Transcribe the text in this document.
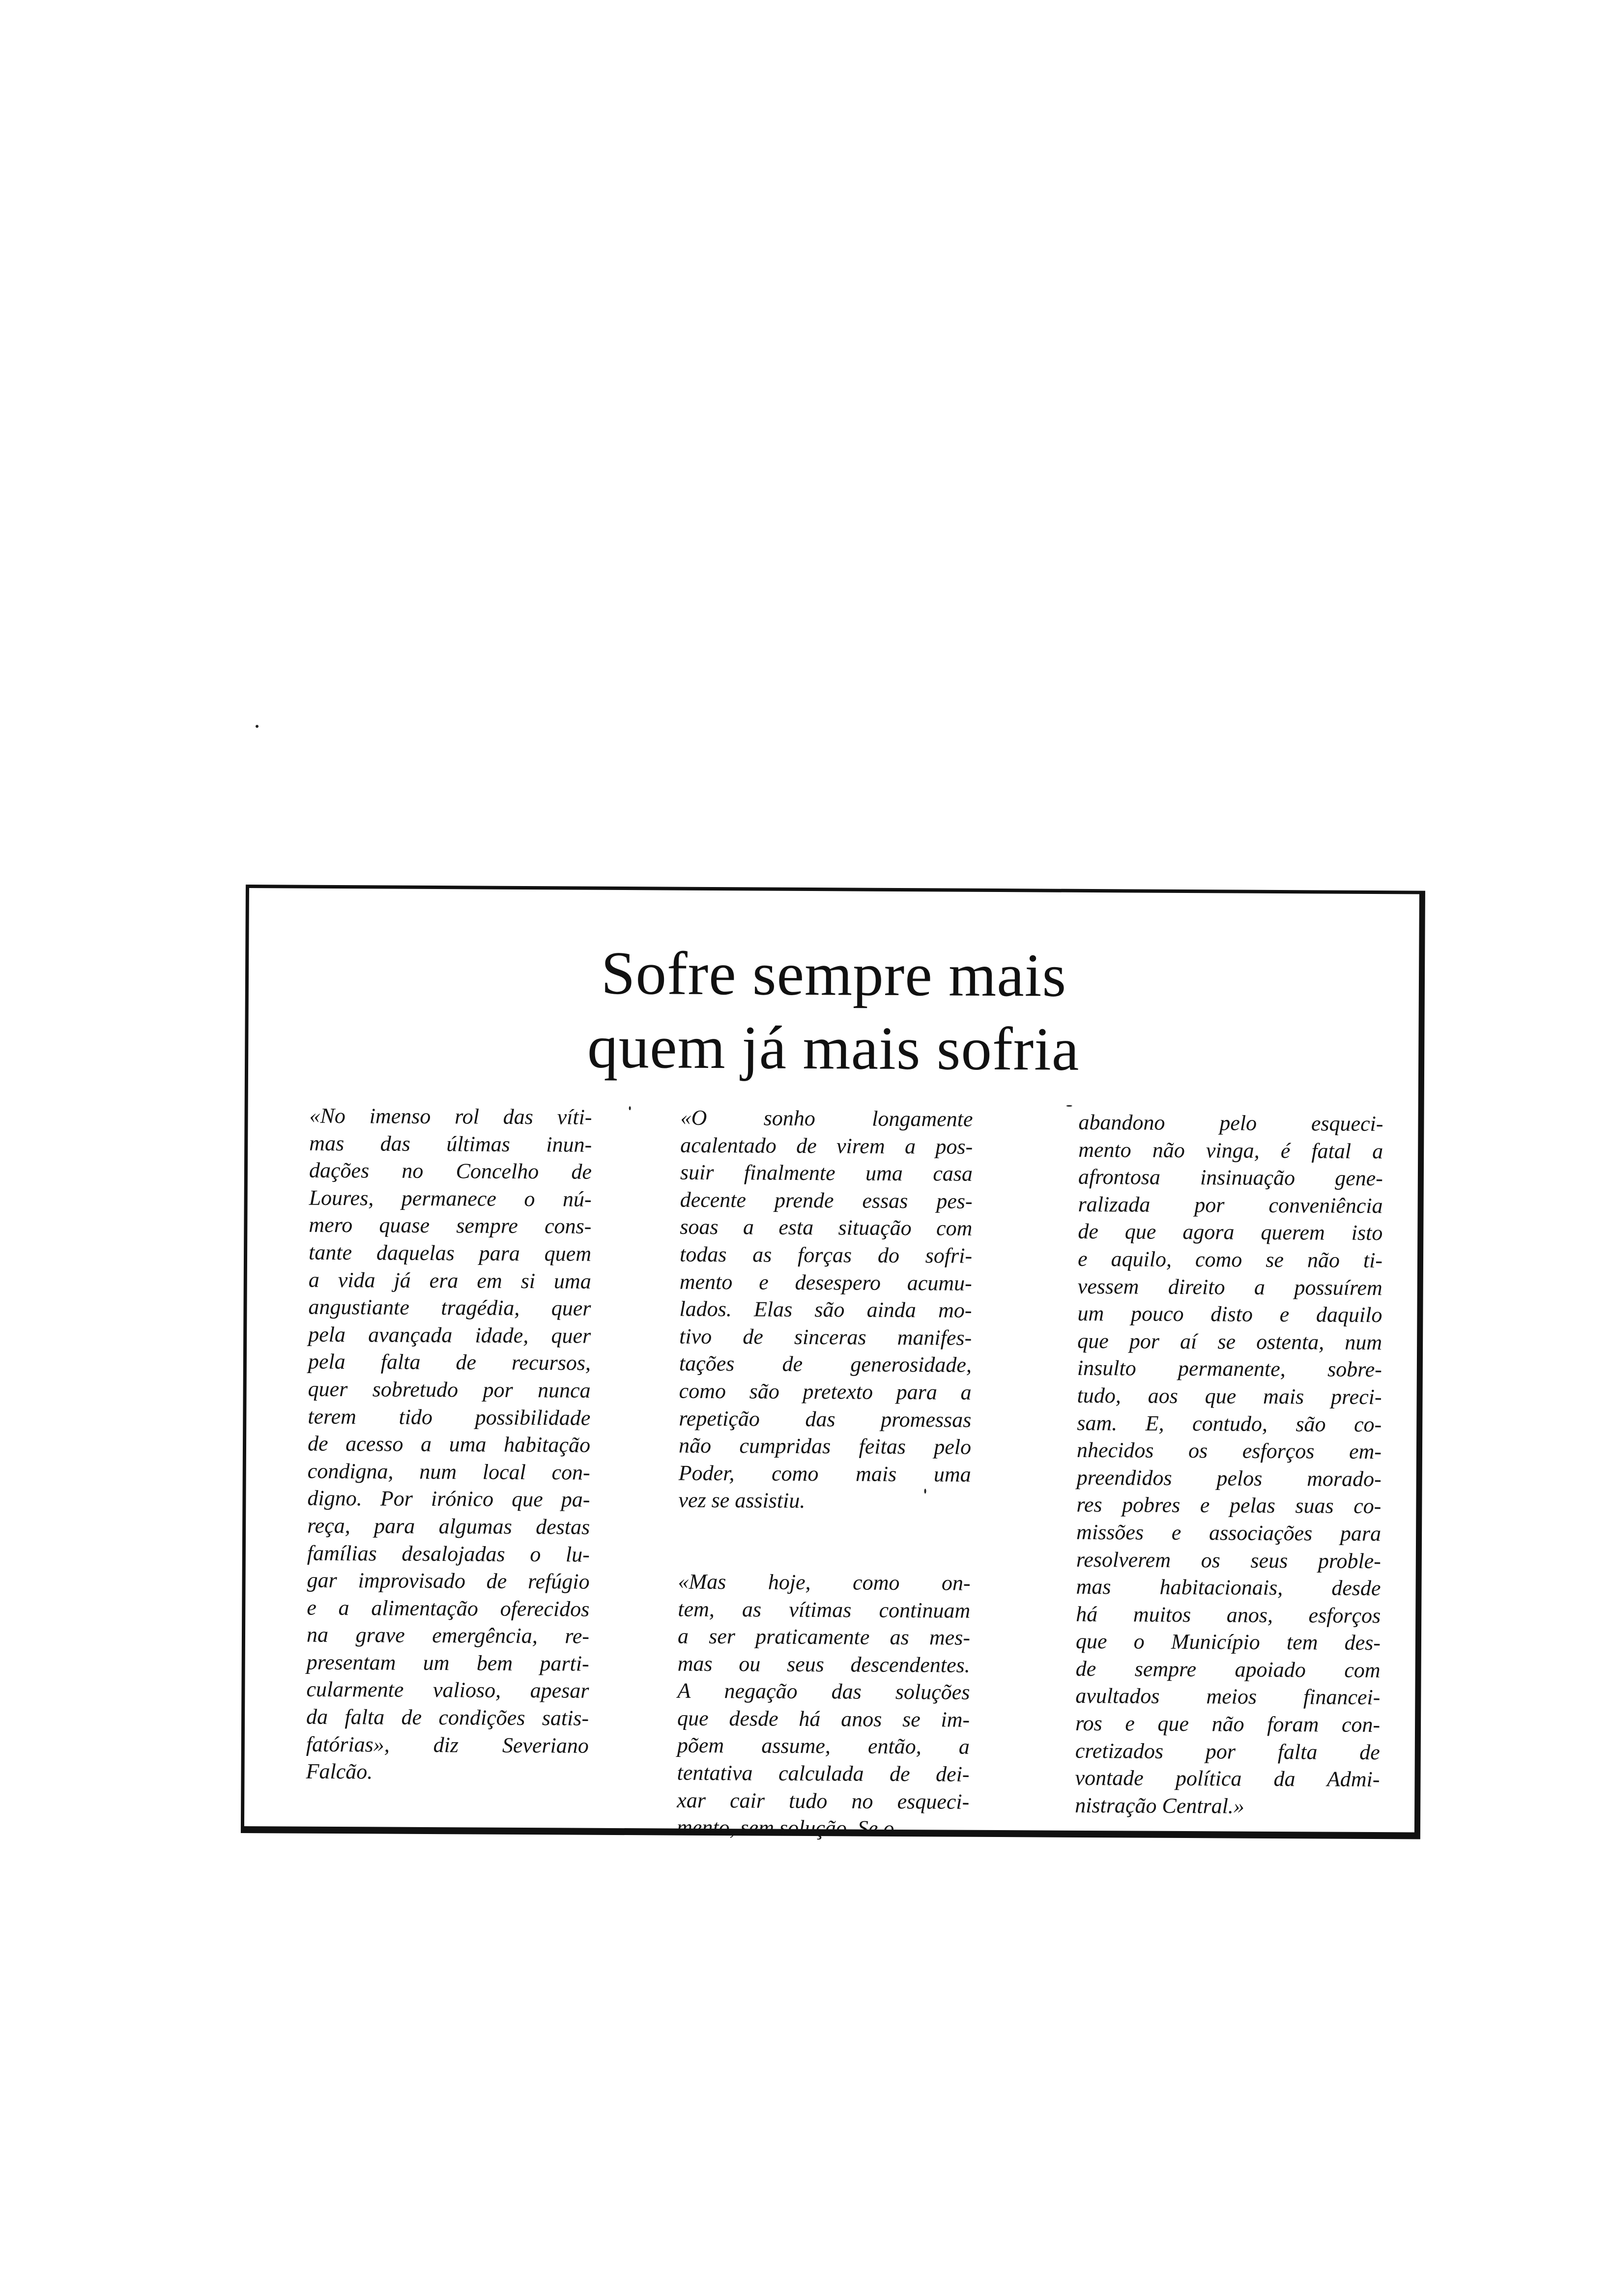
Sofre sempre mais
quem já mais sofria

«No imenso rol das víti-
mas das últimas inun-
dações no Concelho de
Loures, permanece o nú-
mero quase sempre cons-
tante daquelas para quem
a vida já era em si uma
angustiante tragédia, quer
pela avançada idade, quer
pela falta de recursos,
quer sobretudo por nunca
terem tido possibilidade
de acesso a uma habitação
condigna, num local con-
digno. Por irónico que pa-
reça, para algumas destas
famílias desalojadas o lu-
gar improvisado de refúgio
e a alimentação oferecidos
na grave emergência, re-
presentam um bem parti-
cularmente valioso, apesar
da falta de condições satis-
fatórias», diz Severiano
Falcão.

«O sonho longamente
acalentado de virem a pos-
suir finalmente uma casa
decente prende essas pes-
soas a esta situação com
todas as forças do sofri-
mento e desespero acumu-
lados. Elas são ainda mo-
tivo de sinceras manifes-
tações de generosidade,
como são pretexto para a
repetição das promessas
não cumpridas feitas pelo
Poder, como mais uma
vez se assistiu.

«Mas hoje, como on-
tem, as vítimas continuam
a ser praticamente as mes-
mas ou seus descendentes.
A negação das soluções
que desde há anos se im-
põem assume, então, a
tentativa calculada de dei-
xar cair tudo no esqueci-
mento, sem solução. Se o

abandono pelo esqueci-
mento não vinga, é fatal a
afrontosa insinuação gene-
ralizada por conveniência
de que agora querem isto
e aquilo, como se não ti-
vessem direito a possuírem
um pouco disto e daquilo
que por aí se ostenta, num
insulto permanente, sobre-
tudo, aos que mais preci-
sam. E, contudo, são co-
nhecidos os esforços em-
preendidos pelos morado-
res pobres e pelas suas co-
missões e associações para
resolverem os seus proble-
mas habitacionais, desde
há muitos anos, esforços
que o Município tem des-
de sempre apoiado com
avultados meios financei-
ros e que não foram con-
cretizados por falta de
vontade política da Admi-
nistração Central.»
